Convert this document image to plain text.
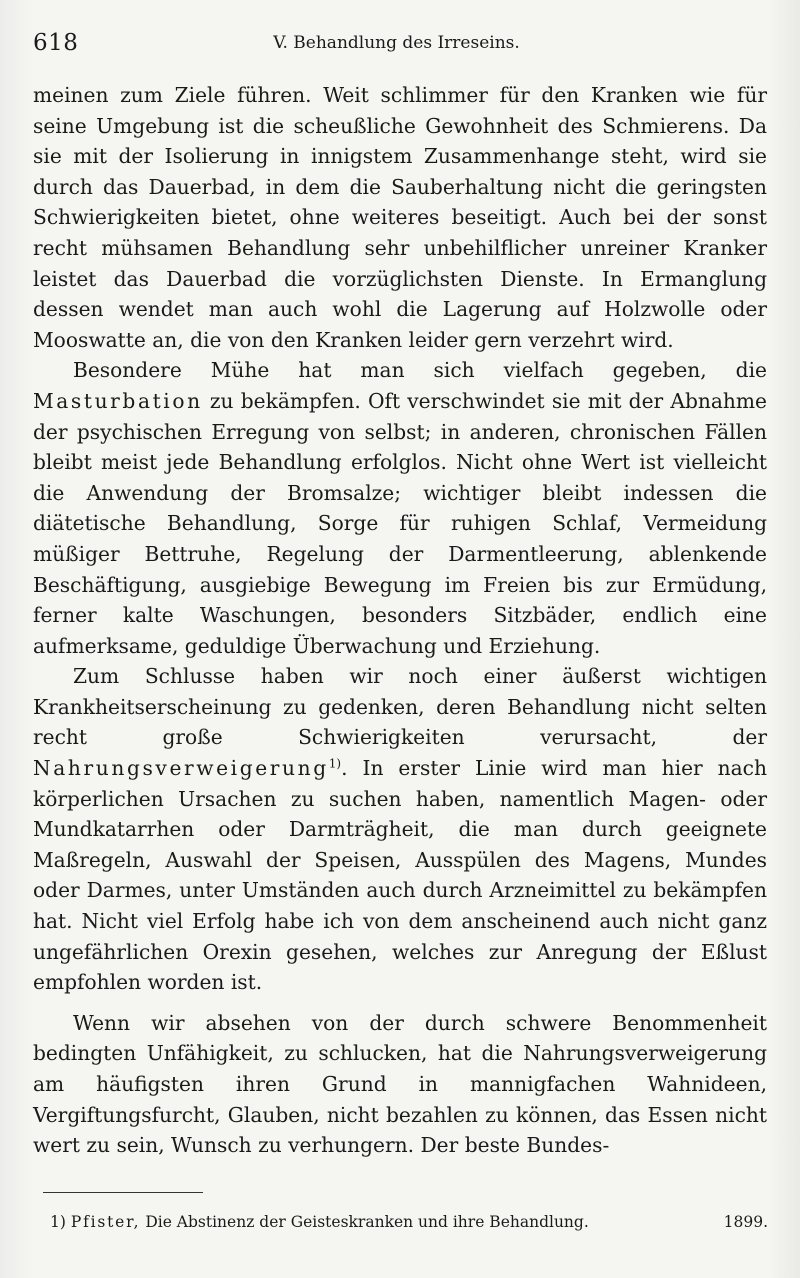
618	V. Behandlung des Irreseins.

meinen zum Ziele führen. Weit schlimmer für den Kranken wie für seine Umgebung ist die scheußliche Gewohnheit des Schmierens. Da sie mit der Isolierung in innigstem Zusammenhange steht, wird sie durch das Dauerbad, in dem die Sauberhaltung nicht die geringsten Schwierigkeiten bietet, ohne weiteres beseitigt. Auch bei der sonst recht mühsamen Behandlung sehr unbehilflicher unreiner Kranker leistet das Dauerbad die vorzüglichsten Dienste. In Ermanglung dessen wendet man auch wohl die Lagerung auf Holzwolle oder Mooswatte an, die von den Kranken leider gern verzehrt wird.

Besondere Mühe hat man sich vielfach gegeben, die Masturbation zu bekämpfen. Oft verschwindet sie mit der Abnahme der psychischen Erregung von selbst; in anderen, chronischen Fällen bleibt meist jede Behandlung erfolglos. Nicht ohne Wert ist vielleicht die Anwendung der Bromsalze; wichtiger bleibt indessen die diätetische Behandlung, Sorge für ruhigen Schlaf, Vermeidung müßiger Bettruhe, Regelung der Darmentleerung, ablenkende Beschäftigung, ausgiebige Bewegung im Freien bis zur Ermüdung, ferner kalte Waschungen, besonders Sitzbäder, endlich eine aufmerksame, geduldige Überwachung und Erziehung.

Zum Schlusse haben wir noch einer äußerst wichtigen Krankheitserscheinung zu gedenken, deren Behandlung nicht selten recht große Schwierigkeiten verursacht, der Nahrungsverweigerung$^{1)}$. In erster Linie wird man hier nach körperlichen Ursachen zu suchen haben, namentlich Magen- oder Mundkatarrhen oder Darmträgheit, die man durch geeignete Maßregeln, Auswahl der Speisen, Ausspülen des Magens, Mundes oder Darmes, unter Umständen auch durch Arzneimittel zu bekämpfen hat. Nicht viel Erfolg habe ich von dem anscheinend auch nicht ganz ungefährlichen Orexin gesehen, welches zur Anregung der Eßlust empfohlen worden ist.

Wenn wir absehen von der durch schwere Benommenheit bedingten Unfähigkeit, zu schlucken, hat die Nahrungsverweigerung am häufigsten ihren Grund in mannigfachen Wahnideen, Vergiftungsfurcht, Glauben, nicht bezahlen zu können, das Essen nicht wert zu sein, Wunsch zu verhungern. Der beste Bundes-

1) Pfister, Die Abstinenz der Geisteskranken und ihre Behandlung.	1899.
